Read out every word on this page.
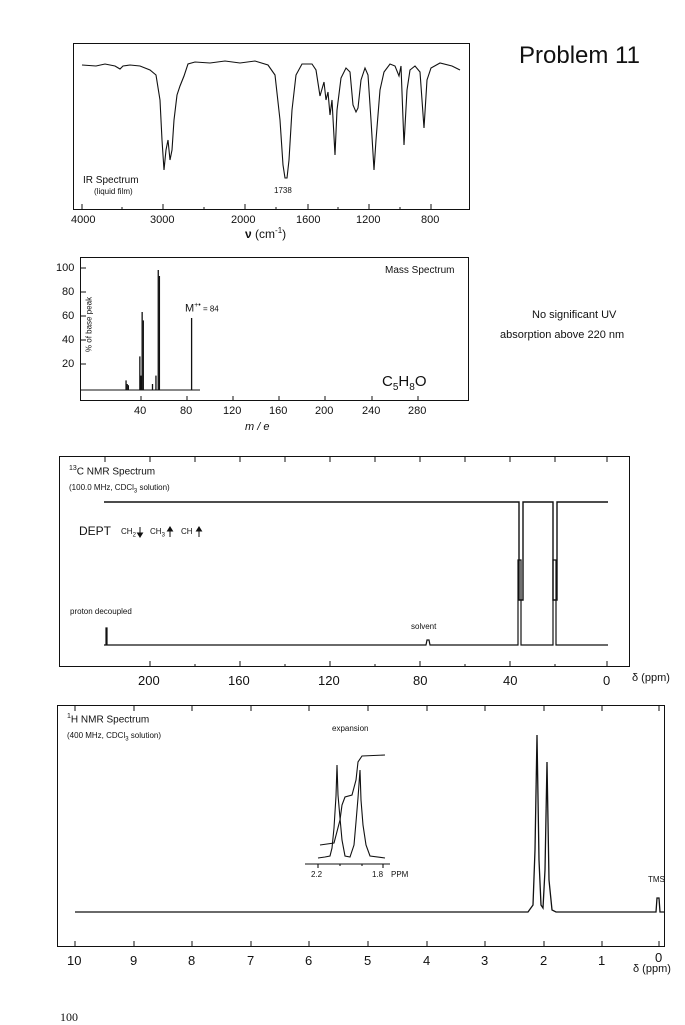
Problem 11
No significant UV
absorption above 220 nm
100
IR Spectrum
(liquid film)	1738
4000	3000	2000	1600	1200	800
ν $(cm^{-1})$
Mass Spectrum
M+• = 84
$C_5H_8O$
% of base peak
100
80
60
40
20
40	80	120	160	200	240	280
m / e
$^{13}$C NMR Spectrum
(100.0 MHz, CDCl$_3$ solution)
DEPT $CH_2$ $CH_3$ CH
proton decoupled
solvent
200	160	120	80	40	0 δ (ppm)
$^1$H NMR Spectrum
(400 MHz, CDCl$_3$ solution)
expansion
2.2	1.8 PPM
TMS
10	9	8	7	6	5	4	3	2	1	0
δ (ppm)
